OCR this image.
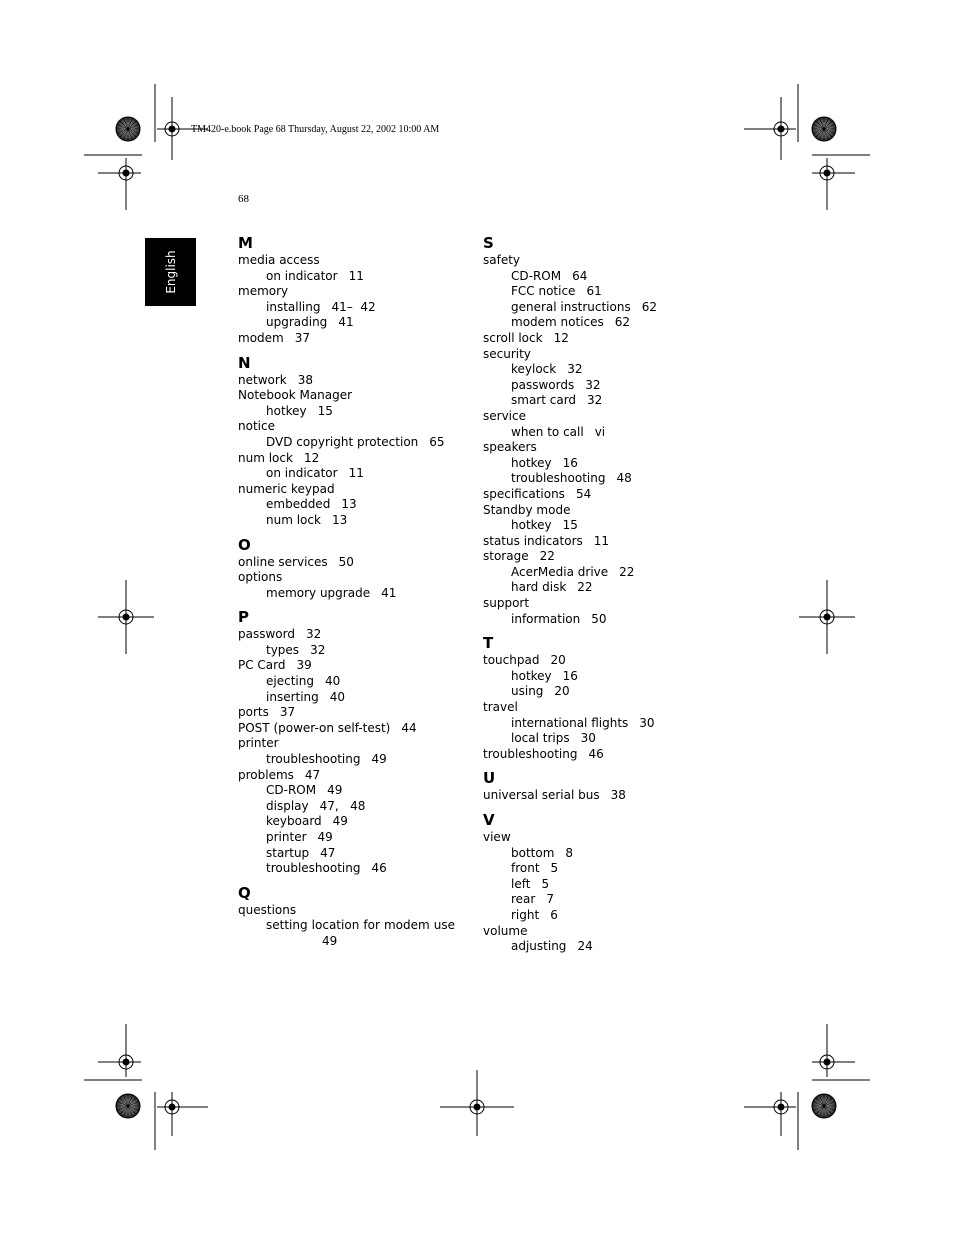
TM420-e.book Page 68 Thursday, August 22, 2002 10:00 AM
68
English
M
media access
on indicator 11
memory
installing 41–  42
upgrading 41
modem 37
N
network 38
Notebook Manager
hotkey 15
notice
DVD copyright protection 65
num lock 12
on indicator 11
numeric keypad
embedded 13
num lock 13
O
online services 50
options
memory upgrade 41
P
password 32
types 32
PC Card 39
ejecting 40
inserting 40
ports 37
POST (power-on self-test) 44
printer
troubleshooting 49
problems 47
CD-ROM 49
display 47,   48
keyboard 49
printer 49
startup 47
troubleshooting 46
Q
questions
setting location for modem use
49
S
safety
CD-ROM 64
FCC notice 61
general instructions 62
modem notices 62
scroll lock 12
security
keylock 32
passwords 32
smart card 32
service
when to call vi
speakers
hotkey 16
troubleshooting 48
specifications 54
Standby mode
hotkey 15
status indicators 11
storage 22
AcerMedia drive 22
hard disk 22
support
information 50
T
touchpad 20
hotkey 16
using 20
travel
international flights 30
local trips 30
troubleshooting 46
U
universal serial bus 38
V
view
bottom 8
front 5
left 5
rear 7
right 6
volume
adjusting 24
